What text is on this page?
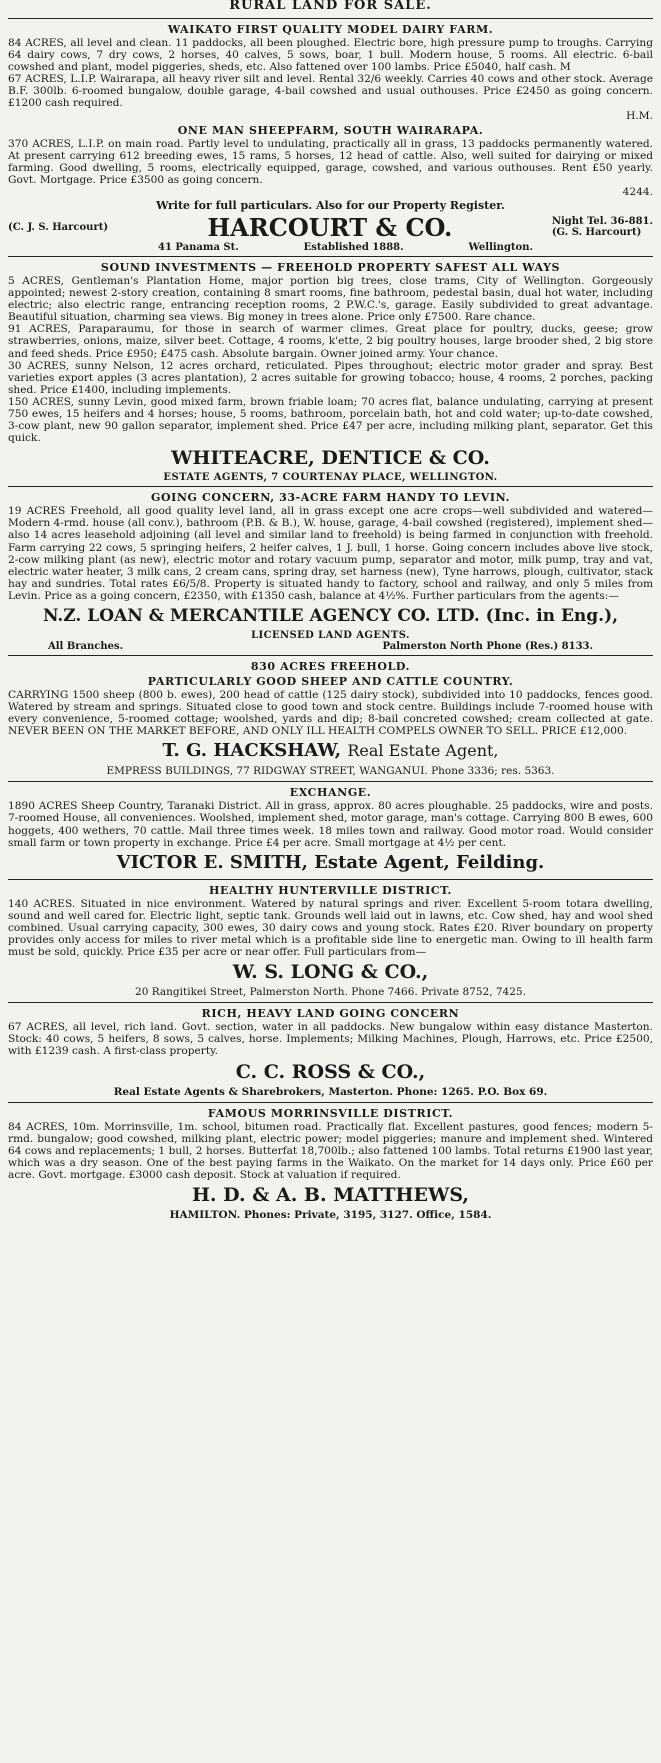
RURAL LAND FOR SALE.
WAIKATO FIRST QUALITY MODEL DAIRY FARM.

84 ACRES, all level and clean. 11 paddocks, all been ploughed. Electric bore, high pressure pump to troughs. Carrying 64 dairy cows, 7 dry cows, 2 horses, 40 calves, 5 sows, boar, 1 bull. Modern house, 5 rooms. All electric. 6-bail cowshed and plant, model piggeries, sheds, etc. Also fattened over 100 lambs. Price £5040, half cash. M

67 ACRES, L.I.P. Wairarapa, all heavy river silt and level. Rental 32/6 weekly. Carries 40 cows and other stock. Average B.F. 300lb. 6-roomed bungalow, double garage, 4-bail cowshed and usual outhouses. Price £2450 as going concern. £1200 cash required.

H.M.

ONE MAN SHEEPFARM, SOUTH WAIRARAPA.

370 ACRES, L.I.P. on main road. Partly level to undulating, practically all in grass, 13 paddocks permanently watered. At present carrying 612 breeding ewes, 15 rams, 5 horses, 12 head of cattle. Also, well suited for dairying or mixed farming. Good dwelling, 5 rooms, electrically equipped, garage, cowshed, and various outhouses. Rent £50 yearly. Govt. Mortgage. Price £3500 as going concern.

4244.

Write for full particulars. Also for our Property Register.
(C. J. S. Harcourt)	HARCOURT & CO.	Night Tel. 36-881.
(G. S. Harcourt)
41 Panama St.	Established 1888.	Wellington.
SOUND INVESTMENTS — FREEHOLD PROPERTY SAFEST ALL WAYS

5 ACRES, Gentleman's Plantation Home, major portion big trees, close trams, City of Wellington. Gorgeously appointed; newest 2-story creation, containing 8 smart rooms, fine bathroom, pedestal basin, dual hot water, including electric; also electric range, entrancing reception rooms, 2 P.W.C.'s, garage. Easily subdivided to great advantage. Beautiful situation, charming sea views. Big money in trees alone. Price only £7500. Rare chance.

91 ACRES, Paraparaumu, for those in search of warmer climes. Great place for poultry, ducks, geese; grow strawberries, onions, maize, silver beet. Cottage, 4 rooms, k'ette, 2 big poultry houses, large brooder shed, 2 big store and feed sheds. Price £950; £475 cash. Absolute bargain. Owner joined army. Your chance.

30 ACRES, sunny Nelson, 12 acres orchard, reticulated. Pipes throughout; electric motor grader and spray. Best varieties export apples (3 acres plantation), 2 acres suitable for growing tobacco; house, 4 rooms, 2 porches, packing shed. Price £1400, including implements.

150 ACRES, sunny Levin, good mixed farm, brown friable loam; 70 acres flat, balance undulating, carrying at present 750 ewes, 15 heifers and 4 horses; house, 5 rooms, bathroom, porcelain bath, hot and cold water; up-to-date cowshed, 3-cow plant, new 90 gallon separator, implement shed. Price £47 per acre, including milking plant, separator. Get this quick.

WHITEACRE, DENTICE & CO.
ESTATE AGENTS, 7 COURTENAY PLACE, WELLINGTON.
GOING CONCERN, 33-ACRE FARM HANDY TO LEVIN.

19 ACRES Freehold, all good quality level land, all in grass except one acre crops—well subdivided and watered—Modern 4-rmd. house (all conv.), bathroom (P.B. & B.), W. house, garage, 4-bail cowshed (registered), implement shed—also 14 acres leasehold adjoining (all level and similar land to freehold) is being farmed in conjunction with freehold. Farm carrying 22 cows, 5 springing heifers, 2 heifer calves, 1 J. bull, 1 horse. Going concern includes above live stock, 2-cow milking plant (as new), electric motor and rotary vacuum pump, separator and motor, milk pump, tray and vat, electric water heater, 3 milk cans, 2 cream cans, spring dray, set harness (new), Tyne harrows, plough, cultivator, stack hay and sundries. Total rates £6/5/8. Property is situated handy to factory, school and railway, and only 5 miles from Levin. Price as a going concern, £2350, with £1350 cash, balance at 4½%. Further particulars from the agents:—

N.Z. LOAN & MERCANTILE AGENCY CO. LTD. (Inc. in Eng.),
LICENSED LAND AGENTS.
All Branches.	Palmerston North Phone (Res.) 8133.
830 ACRES FREEHOLD.
PARTICULARLY GOOD SHEEP AND CATTLE COUNTRY.

CARRYING 1500 sheep (800 b. ewes), 200 head of cattle (125 dairy stock), subdivided into 10 paddocks, fences good. Watered by stream and springs. Situated close to good town and stock centre. Buildings include 7-roomed house with every convenience, 5-roomed cottage; woolshed, yards and dip; 8-bail concreted cowshed; cream collected at gate. NEVER BEEN ON THE MARKET BEFORE, AND ONLY ILL HEALTH COMPELS OWNER TO SELL. PRICE £12,000.

T. G. HACKSHAW, Real Estate Agent,
EMPRESS BUILDINGS, 77 RIDGWAY STREET, WANGANUI. Phone 3336; res. 5363.
EXCHANGE.

1890 ACRES Sheep Country, Taranaki District. All in grass, approx. 80 acres ploughable. 25 paddocks, wire and posts. 7-roomed House, all conveniences. Woolshed, implement shed, motor garage, man's cottage. Carrying 800 B ewes, 600 hoggets, 400 wethers, 70 cattle. Mail three times week. 18 miles town and railway. Good motor road. Would consider small farm or town property in exchange. Price £4 per acre. Small mortgage at 4½ per cent.

VICTOR E. SMITH, Estate Agent, Feilding.
HEALTHY HUNTERVILLE DISTRICT.

140 ACRES. Situated in nice environment. Watered by natural springs and river. Excellent 5-room totara dwelling, sound and well cared for. Electric light, septic tank. Grounds well laid out in lawns, etc. Cow shed, hay and wool shed combined. Usual carrying capacity, 300 ewes, 30 dairy cows and young stock. Rates £20. River boundary on property provides only access for miles to river metal which is a profitable side line to energetic man. Owing to ill health farm must be sold, quickly. Price £35 per acre or near offer. Full particulars from—

W. S. LONG & CO.,
20 Rangitikei Street, Palmerston North. Phone 7466. Private 8752, 7425.
RICH, HEAVY LAND GOING CONCERN

67 ACRES, all level, rich land. Govt. section, water in all paddocks. New bungalow within easy distance Masterton. Stock: 40 cows, 5 heifers, 8 sows, 5 calves, horse. Implements; Milking Machines, Plough, Harrows, etc. Price £2500, with £1239 cash. A first-class property.

C. C. ROSS & CO.,
Real Estate Agents & Sharebrokers, Masterton. Phone: 1265. P.O. Box 69.
FAMOUS MORRINSVILLE DISTRICT.

84 ACRES, 10m. Morrinsville, 1m. school, bitumen road. Practically flat. Excellent pastures, good fences; modern 5-rmd. bungalow; good cowshed, milking plant, electric power; model piggeries; manure and implement shed. Wintered 64 cows and replacements; 1 bull, 2 horses. Butterfat 18,700lb.; also fattened 100 lambs. Total returns £1900 last year, which was a dry season. One of the best paying farms in the Waikato. On the market for 14 days only. Price £60 per acre. Govt. mortgage. £3000 cash deposit. Stock at valuation if required.

H. D. & A. B. MATTHEWS,
HAMILTON. Phones: Private, 3195, 3127. Office, 1584.
